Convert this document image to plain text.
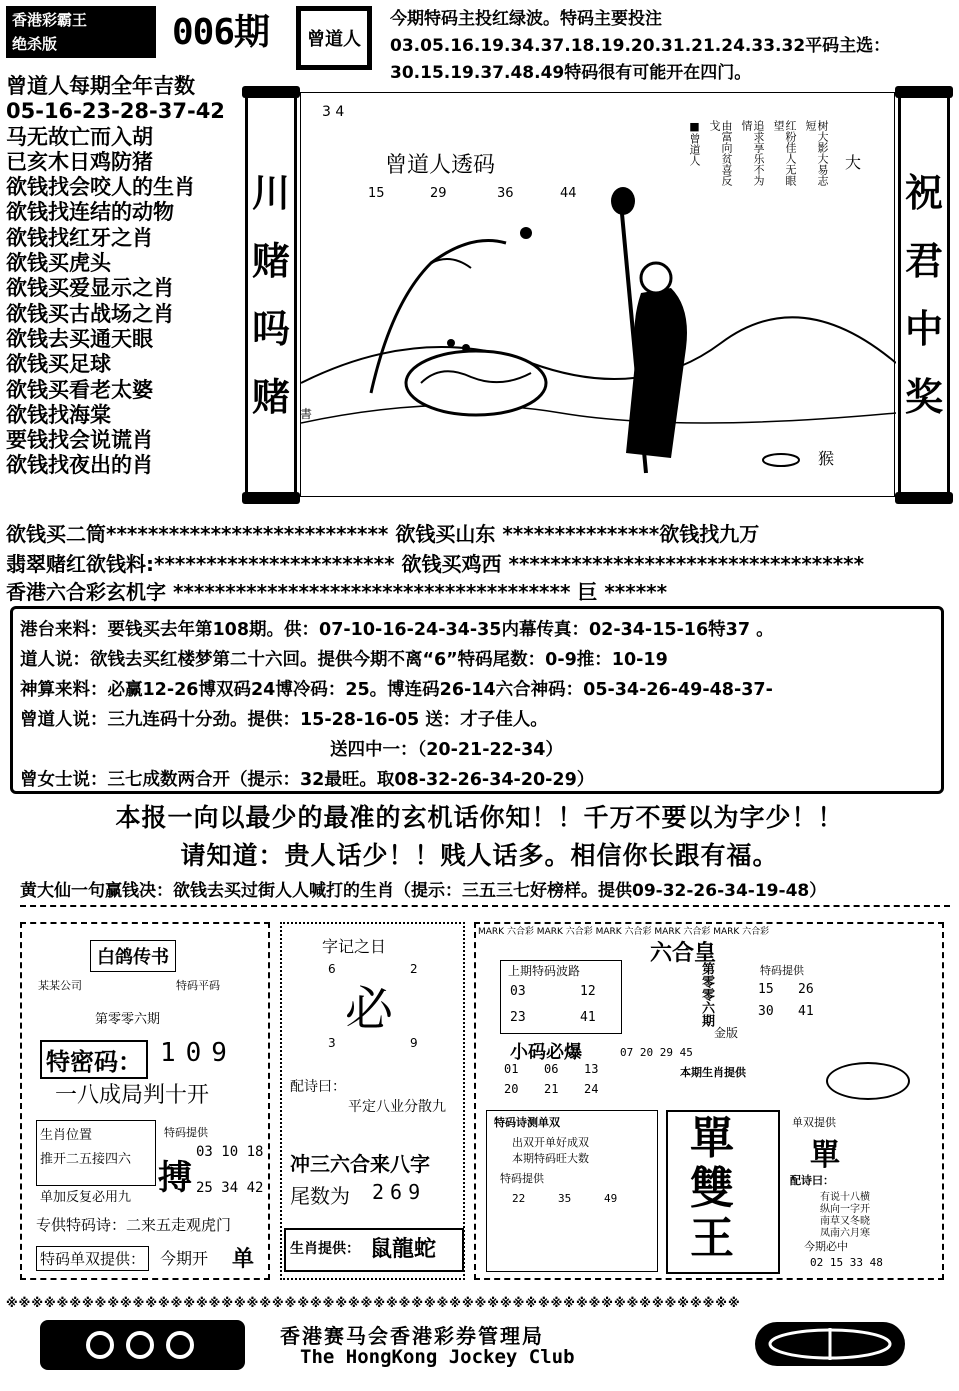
香港彩霸王
绝杀版	006期	曾道人
今期特码主投红绿波。特码主要投注03.05.16.19.34.37.18.19.20.31.21.24.33.32平码主选：30.15.19.37.48.49特码很有可能开在四门。
曾道人每期全年吉数
05-16-23-28-37-42
马无故亡而入胡
已亥木日鸡防猪
欲钱找会咬人的生肖
欲钱找连结的动物
欲钱找红牙之肖
欲钱买虎头
欲钱买爱显示之肖
欲钱买古战场之肖
欲钱去买通天眼
欲钱买足球
欲钱买看老太婆
欲钱找海棠
要钱找会说谎肖
欲钱找夜出的肖
曾道人透码
15	29	36	44
3 4
大
猴
書
树大影大易志短
红粉佳人无眼望
追求享乐不为情
由富向贫喜反戈
■曾道人
川
赌
吗
赌
祝
君
中
奖
欲钱买二筒*************************** 欲钱买山东 ***************欲钱找九万
翡翠赌红欲钱料:*********************** 欲钱买鸡西 **********************************
香港六合彩玄机字 ************************************** 巨 ******
港台来料：要钱买去年第108期。供：07-10-16-24-34-35内幕传真：02-34-15-16特37 。
道人说：欲钱去买红楼梦第二十六回。提供今期不离“6”特码尾数：0-9推：10-19
神算来料：必赢12-26博双码24博冷码：25。博连码26-14六合神码：05-34-26-49-48-37-
曾道人说：三九连码十分劲。提供：15-28-16-05 送：才子佳人。
送四中一：（20-21-22-34）
曾女士说：三七成数两合开（提示：32最旺。取08-32-26-34-20-29）
本报一向以最少的最准的玄机话你知！！千万不要以为字少！！
请知道：贵人话少！！贱人话多。相信你长跟有福。
黄大仙一句赢钱决：欲钱去买过街人人喊打的生肖（提示：三五三七好榜样。提供09-32-26-34-19-48）
白鸽传书
某某公司	特码平码
第零零六期
特密码： 109
一八成局判十开
生肖位置
推开二五接四六
单加反复必用九
特码提供
搏
03 10 18
25 34 42
专供特码诗：二来五走观虎门
特码单双提供： 今期开 单
字记之日
6	2
必
3	9
配诗曰：
平定八业分散九
冲三六合来八字
尾数为 269
生肖提供： 鼠龍蛇
MARK 六合彩 MARK 六合彩 MARK 六合彩 MARK 六合彩 MARK 六合彩
六合皇
上期特码波路
03	12
23	41	第零零六期
金版
特码提供
15 26
30 41
小码必爆	07 20 29 45
01 06 13
20 21 24
本期生肖提供
特码诗测单双
出双开单好成双
本期特码旺大数
特码提供
22	35	49
單
雙
王
单双提供
單
配诗曰：
有说十八横
纵向一字开
南草又冬晓
凤南六月寒
今期必中
02 15 33 48
※※※※※※※※※※※※※※※※※※※※※※※※※※※※※※※※※※※※※※※※※※※※※※※※※※※※※※※※※※
香港赛马会香港彩券管理局
The HongKong Jockey Club
